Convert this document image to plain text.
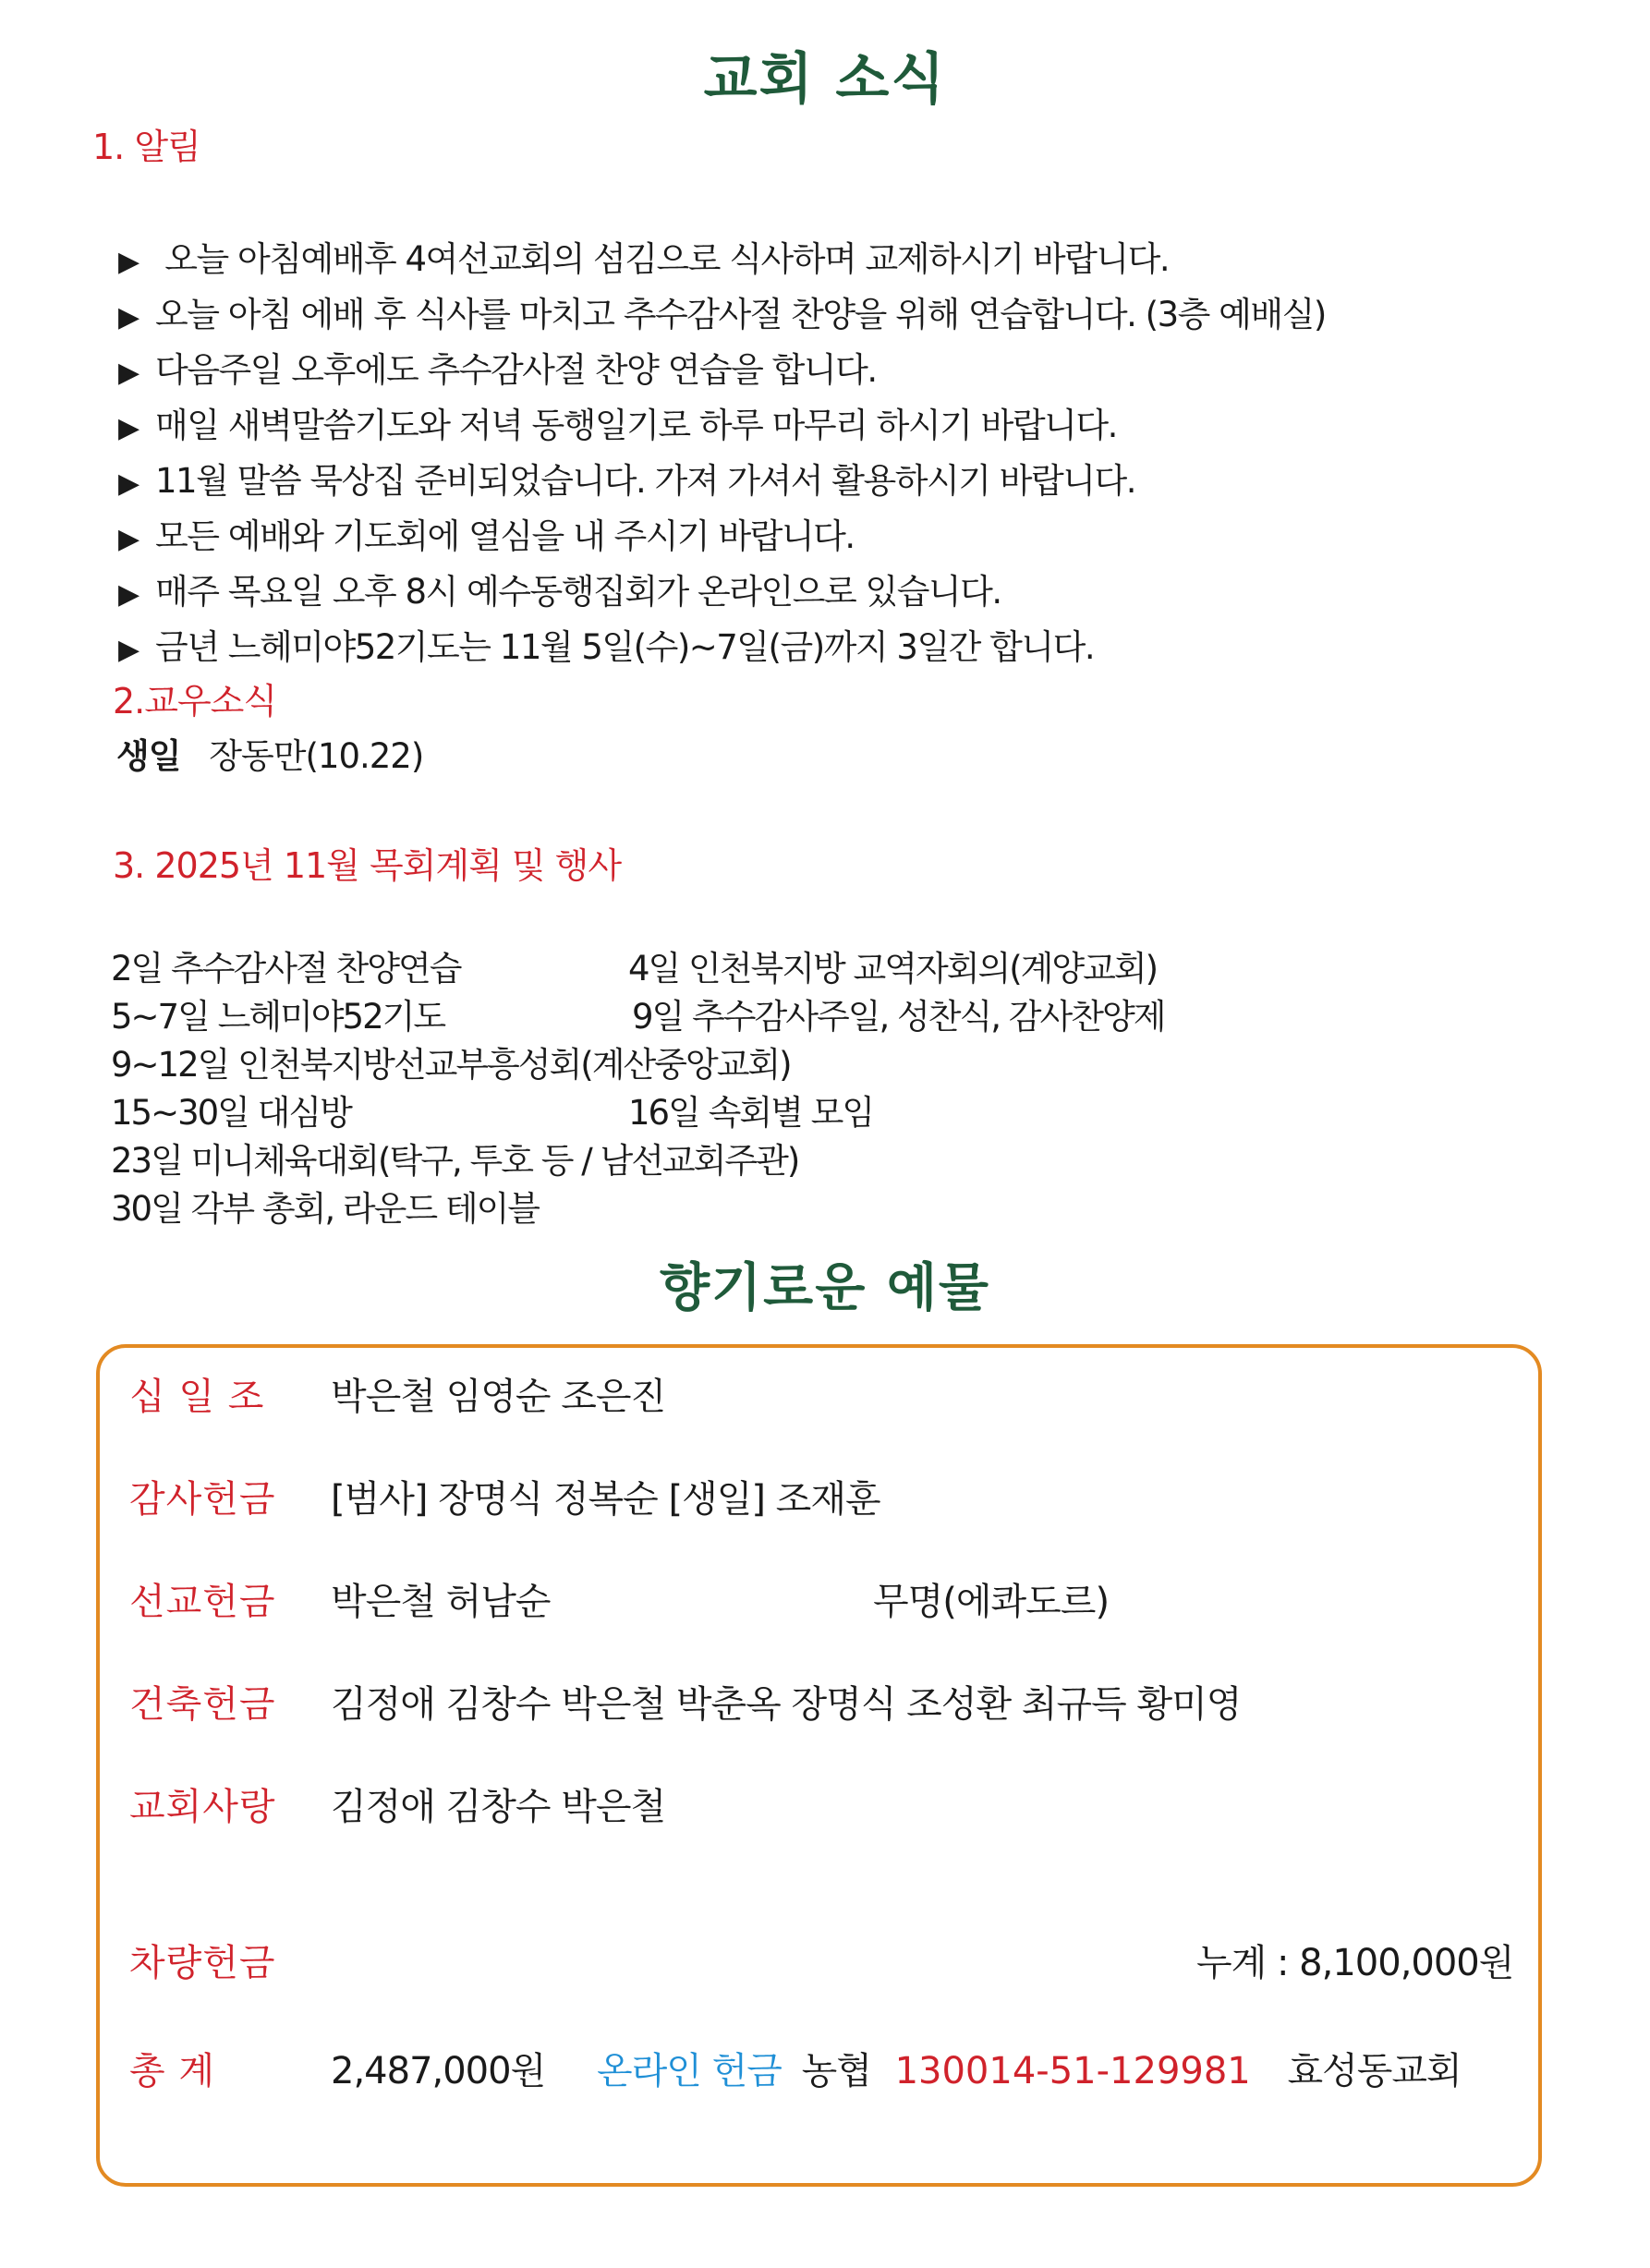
교회 소식
1. 알림
▶ 오늘 아침예배후 4여선교회의 섬김으로 식사하며 교제하시기 바랍니다.
▶ 오늘 아침 에배 후 식사를 마치고 추수감사절 찬양을 위해 연습합니다. (3층 예배실)
▶ 다음주일 오후에도 추수감사절 찬양 연습을 합니다.
▶ 매일 새벽말씀기도와 저녁 동행일기로 하루 마무리 하시기 바랍니다.
▶ 11월 말씀 묵상집 준비되었습니다. 가져 가셔서 활용하시기 바랍니다.
▶ 모든 예배와 기도회에 열심을 내 주시기 바랍니다.
▶ 매주 목요일 오후 8시 예수동행집회가 온라인으로 있습니다.
▶ 금년 느헤미야52기도는 11월 5일(수)~7일(금)까지 3일간 합니다.
2.교우소식
생일 장동만(10.22)
3. 2025년 11월 목회계획 및 행사
2일 추수감사절 찬양연습	4일 인천북지방 교역자회의(계양교회)
5~7일 느헤미야52기도	9일 추수감사주일, 성찬식, 감사찬양제
9~12일 인천북지방선교부흥성회(계산중앙교회)
15~30일 대심방	16일 속회별 모임
23일 미니체육대회(탁구, 투호 등 / 남선교회주관)
30일 각부 총회, 라운드 테이블
향기로운 예물
십 일 조 박은철 임영순 조은진
감사헌금 [범사] 장명식 정복순 [생일] 조재훈
선교헌금 박은철 허남순	무명(에콰도르)
건축헌금 김정애 김창수 박은철 박춘옥 장명식 조성환 최규득 황미영
교회사랑 김정애 김창수 박은철
차량헌금	누계 : 8,100,000원
총 계	2,487,000원 온라인 헌금 농협 130014-51-129981 효성동교회
